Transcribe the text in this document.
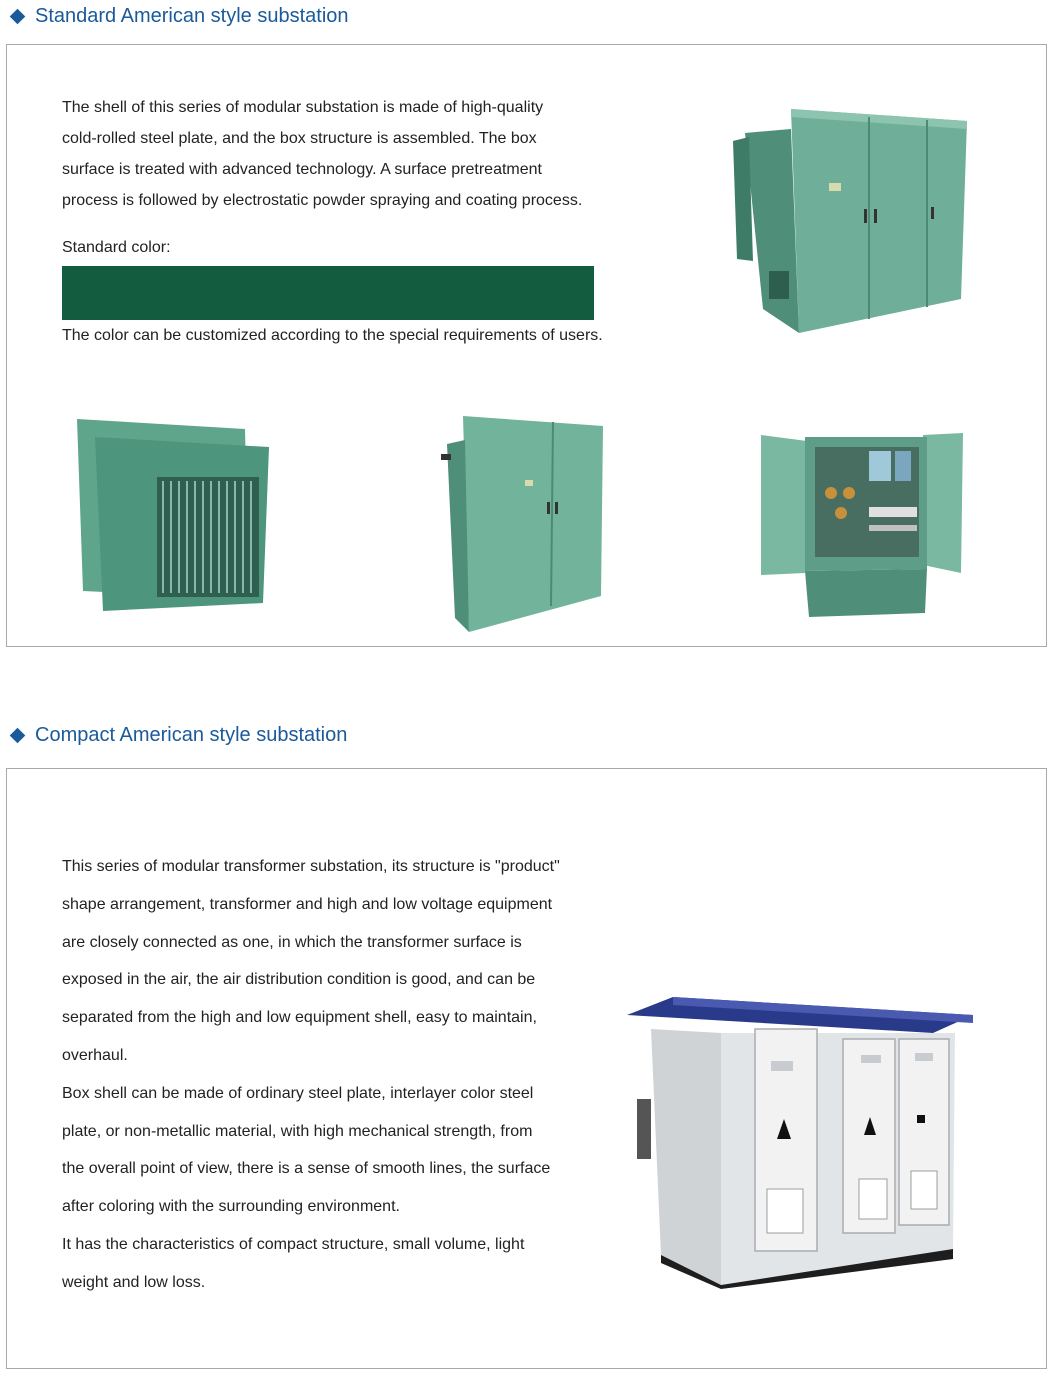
Standard American style substation

The shell of this series of modular substation is made of high-quality

cold-rolled steel plate, and the box structure is assembled. The box

surface is treated with advanced technology. A surface pretreatment

process is followed by electrostatic powder spraying and coating process.

Standard color:
The color can be customized according to the special requirements of users.
Compact American style substation

This series of modular transformer substation, its structure is "product"

shape arrangement, transformer and high and low voltage equipment

are closely connected as one, in which the transformer surface is

exposed in the air, the air distribution condition is good, and can be

separated from the high and low equipment shell, easy to maintain,

overhaul.

Box shell can be made of ordinary steel plate, interlayer color steel

plate, or non-metallic material, with high mechanical strength, from

the overall point of view, there is a sense of smooth lines, the surface

after coloring with the surrounding environment.

It has the characteristics of compact structure, small volume, light

weight and low loss.
